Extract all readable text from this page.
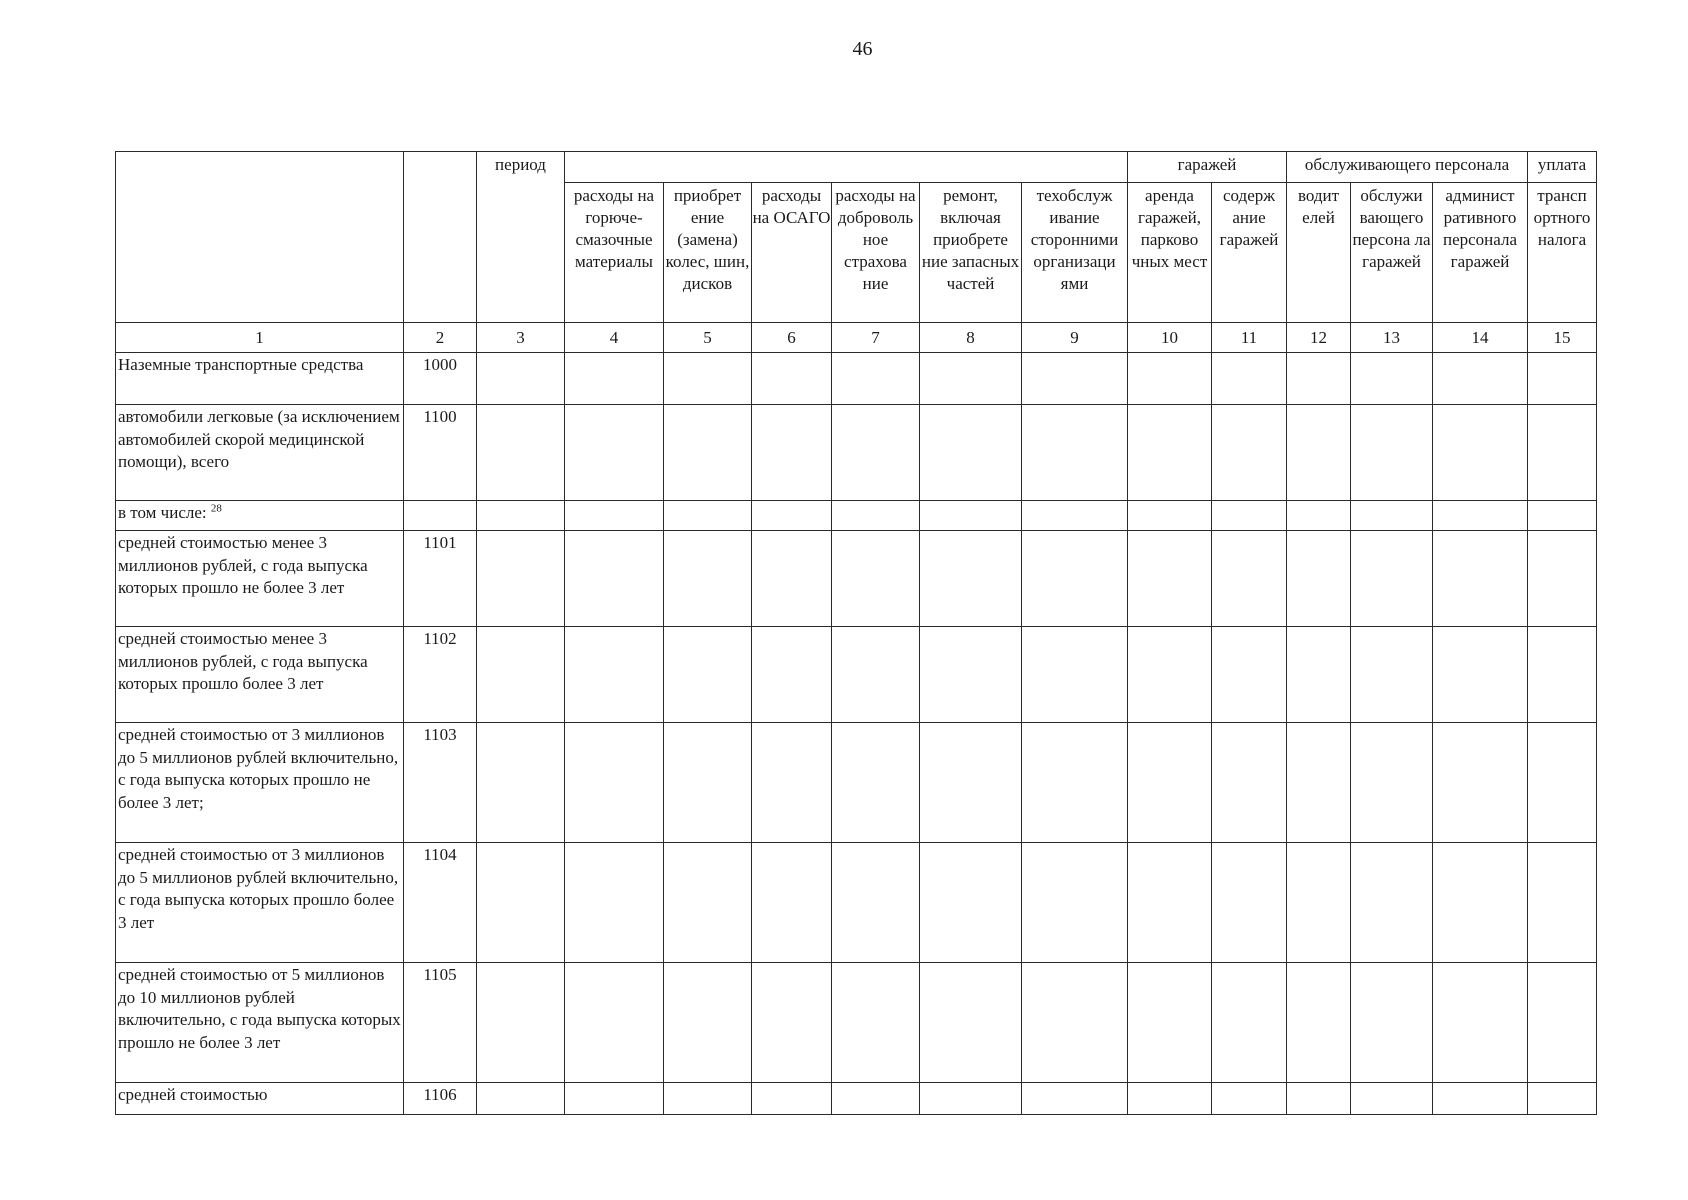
46
		период							гаражей		обслуживающего персонала			уплата
			расходы на горюче-смазочные материалы	приобрет ение (замена) колес, шин, дисков	расходы на ОСАГО	расходы на доброволь ное страхова ние	ремонт, включая приобрете ние запасных частей	техобслуж ивание сторонними организаци ями	аренда гаражей, парково чных мест	содерж ание гаражей	водит елей	обслужи вающего персона ла гаражей	админист ративного персонала гаражей	трансп ортного налога
1	2	3	4	5	6	7	8	9	10	11	12	13	14	15
Наземные транспортные средства	1000													
автомобили легковые (за исключением автомобилей скорой медицинской помощи), всего	1100													
в том числе: $^{28}$														
средней стоимостью менее 3 миллионов рублей, с года выпуска которых прошло не более 3 лет	1101													
средней стоимостью менее 3 миллионов рублей, с года выпуска которых прошло более 3 лет	1102													
средней стоимостью от 3 миллионов до 5 миллионов рублей включительно, с года выпуска которых прошло не более 3 лет;	1103													
средней стоимостью от 3 миллионов до 5 миллионов рублей включительно, с года выпуска которых прошло более 3 лет	1104													
средней стоимостью от 5 миллионов до 10 миллионов рублей включительно, с года выпуска которых прошло не более 3 лет	1105													
средней стоимостью	1106													
